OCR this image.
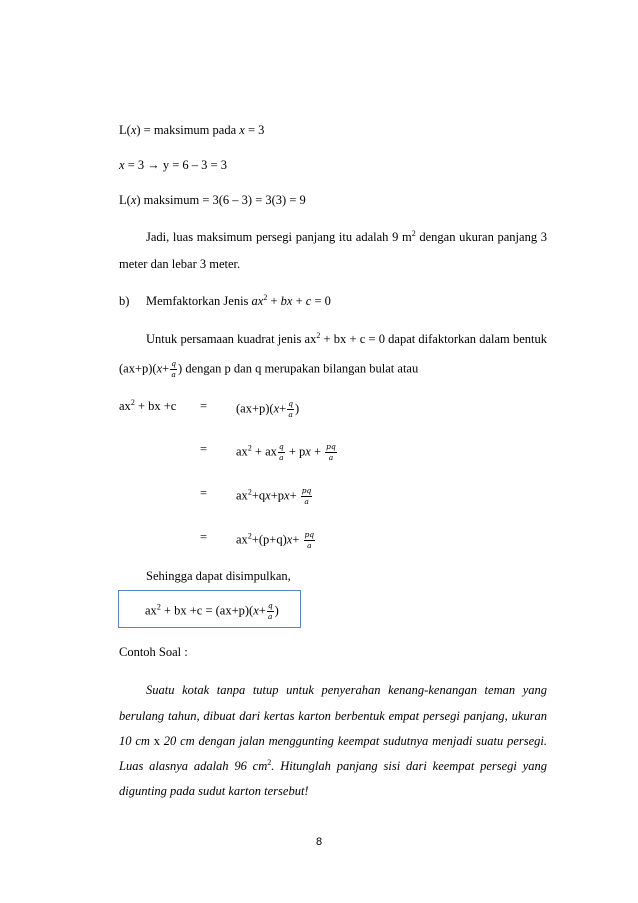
L(x) = maksimum pada x = 3
x = 3 → y = 6 – 3 = 3
L(x) maksimum = 3(6 – 3) = 3(3) = 9
Jadi, luas maksimum persegi panjang itu adalah 9 $m^2$ dengan ukuran panjang 3
meter dan lebar 3 meter.
b) Memfaktorkan Jenis $ax^2$ + bx + c = 0
Untuk persamaan kuadrat jenis $ax^2$ + bx + c = 0 dapat difaktorkan dalam bentuk
$(ax+p)(x+ \frac{q}{a}$ ) dengan p dan q merupakan bilangan bulat atau
$ax^2$ + bx $+c = (ax+p)(x+ \frac{q}{a}$ )
= $ax^2$ + ax $\frac{q}{a}$ + px + $\frac{pq}{a}$
= $ax^2+qx+px+ \frac{pq}{a}$
= $ax^2+(p+q)x+ \frac{pq}{a}$
Sehingga dapat disimpulkan,
$ax^2$ + bx $+c = (ax+p)(x+ \frac{q}{a}$ )
Contoh Soal :
Suatu kotak tanpa tutup untuk penyerahan kenang-kenangan teman yang
berulang tahun, dibuat dari kertas karton berbentuk empat persegi panjang, ukuran
10 cm x 20 cm dengan jalan menggunting keempat sudutnya menjadi suatu persegi.
Luas alasnya adalah 96 $cm^2$. Hitunglah panjang sisi dari keempat persegi yang
digunting pada sudut karton tersebut!
8
